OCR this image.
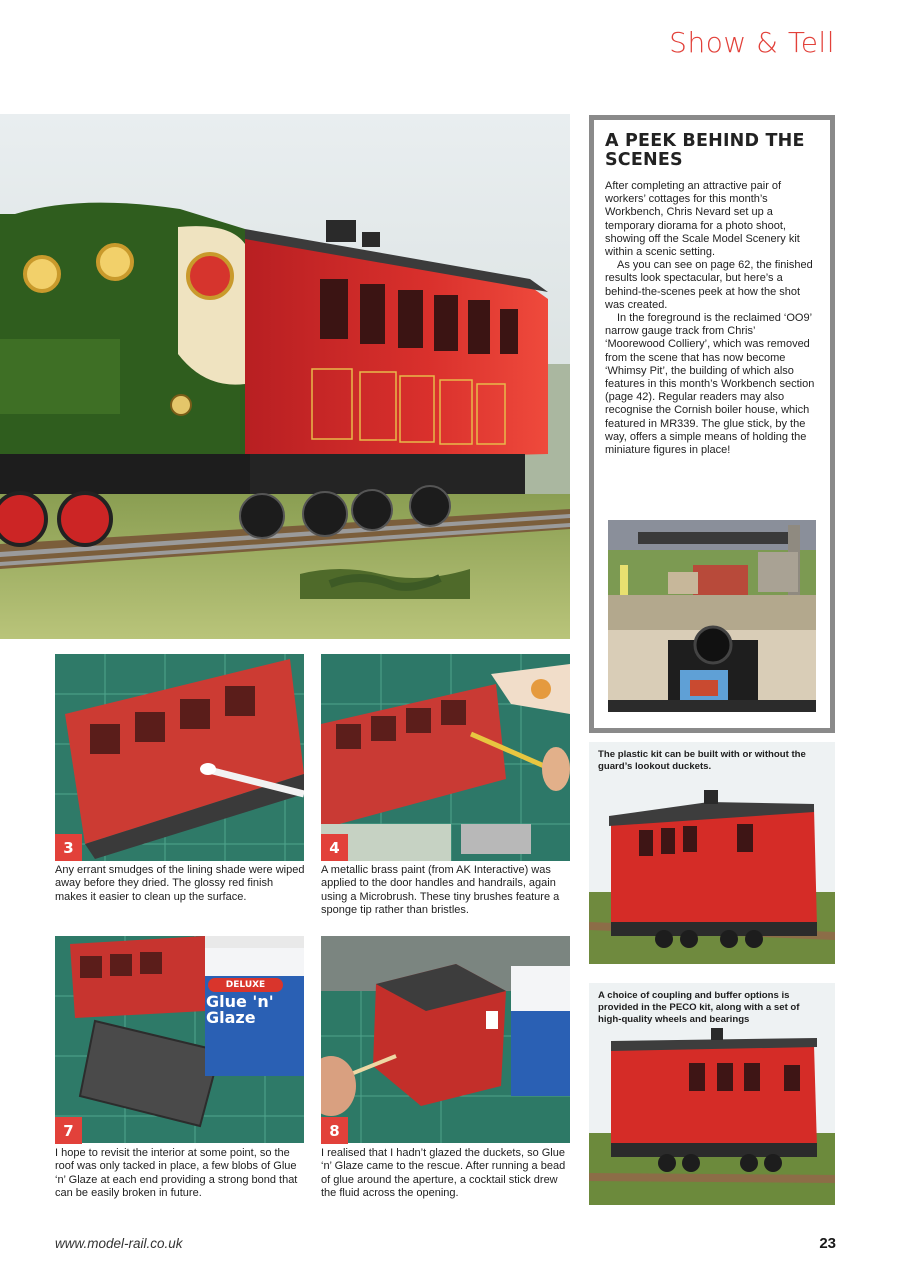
Show & Tell
A PEEK BEHIND THE SCENES

After completing an attractive pair of workers’ cottages for this month’s Workbench, Chris Nevard set up a temporary diorama for a photo shoot, showing off the Scale Model Scenery kit within a scenic setting.

As you can see on page 62, the finished results look spectacular, but here’s a behind-the-scenes peek at how the shot was created.

In the foreground is the reclaimed ‘OO9’ narrow gauge track from Chris’ ‘Moorewood Colliery’, which was removed from the scene that has now become ‘Whimsy Pit’, the building of which also features in this month’s Workbench section (page 42). Regular readers may also recognise the Cornish boiler house, which featured in MR339. The glue stick, by the way, offers a simple means of holding the miniature figures in place!

3
Any errant smudges of the lining shade were wiped away before they dried. The glossy red finish makes it easier to clean up the surface.
4
A metallic brass paint (from AK Interactive) was applied to the door handles and handrails, again using a Microbrush. These tiny brushes feature a sponge tip rather than bristles.
DELUXE
Glue 'n'
Glaze
7
I hope to revisit the interior at some point, so the roof was only tacked in place, a few blobs of Glue ‘n’ Glaze at each end providing a strong bond that can be easily broken in future.
8
I realised that I hadn’t glazed the duckets, so Glue ‘n’ Glaze came to the rescue. After running a bead of glue around the aperture, a cocktail stick drew the fluid across the opening.
The plastic kit can be built with or without the guard’s lookout duckets.
A choice of coupling and buffer options is provided in the PECO kit, along with a set of high-quality wheels and bearings
www.model-rail.co.uk	23
